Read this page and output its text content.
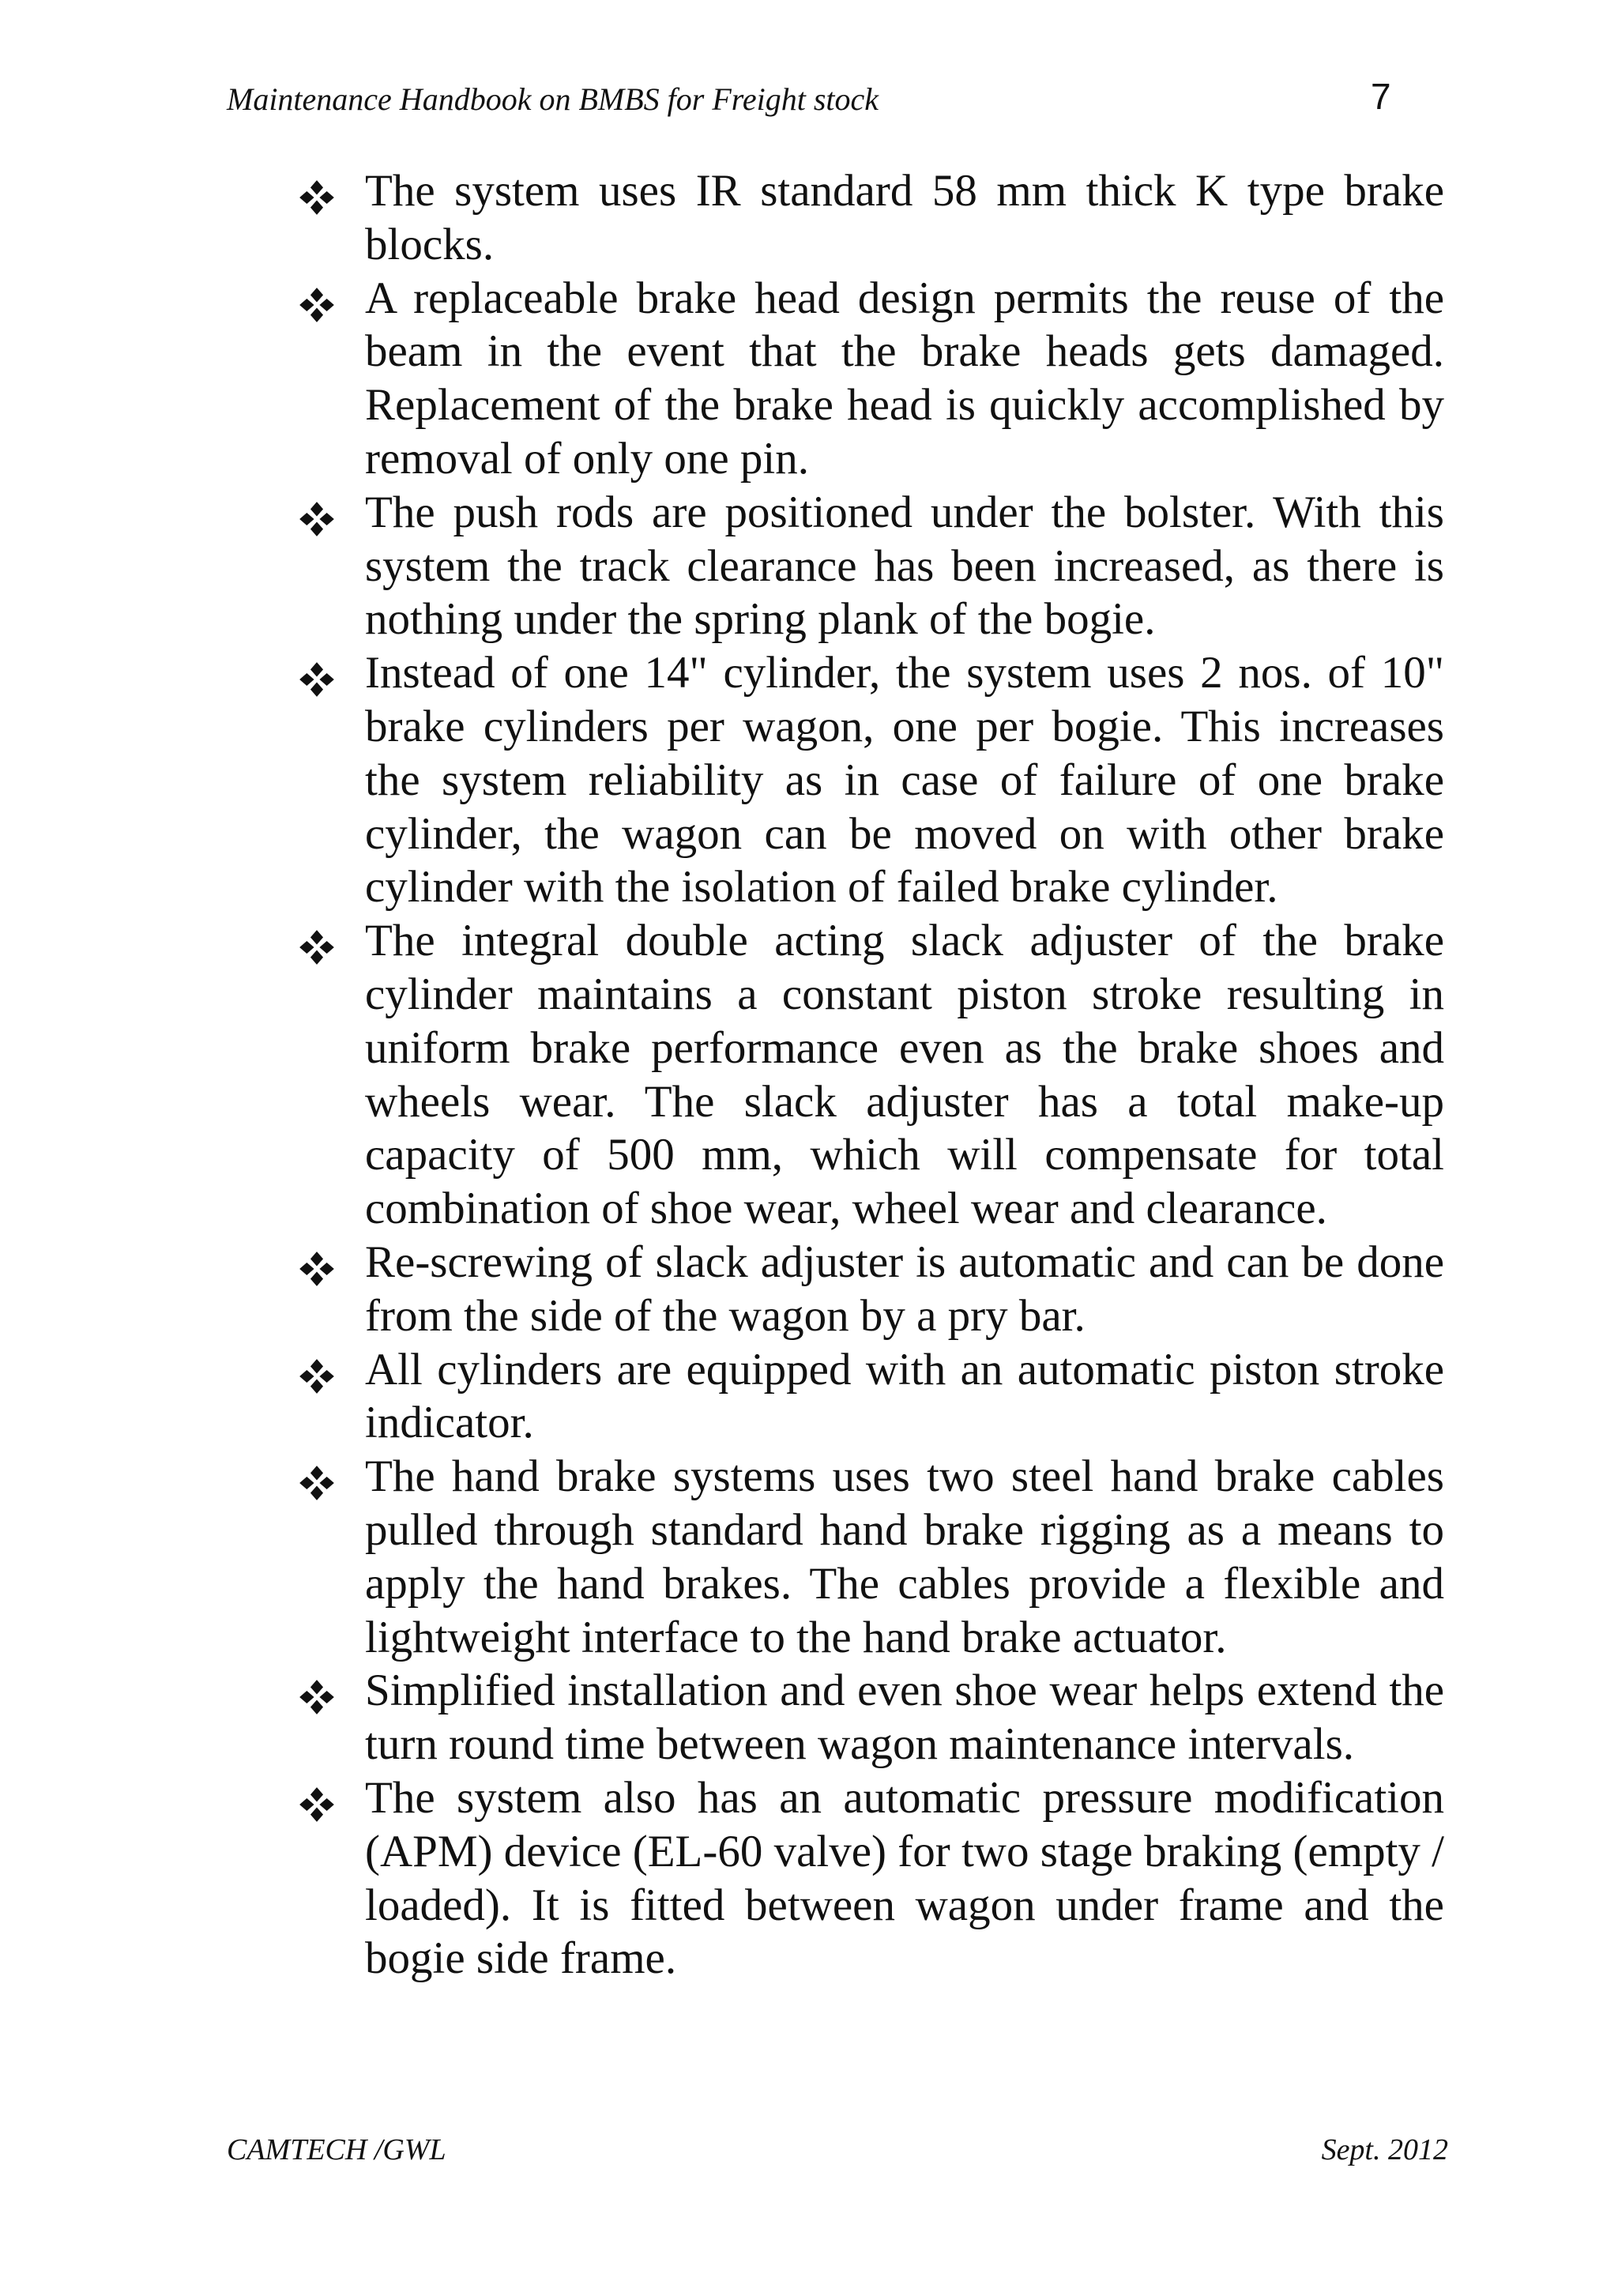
Maintenance Handbook on BMBS for Freight stock	7
The system uses IR standard 58 mm thick K type brake blocks.
A replaceable brake head design permits the reuse of the beam in the event that the brake heads gets damaged. Replacement of the brake head is quickly accomplished by removal of only one pin.
The push rods are positioned under the bolster. With this system the track clearance has been increased, as there is nothing under the spring plank of the bogie.
Instead of one 14" cylinder, the system uses 2 nos. of 10" brake cylinders per wagon, one per bogie. This increases the system reliability as in case of failure of one brake cylinder, the wagon can be moved on with other brake cylinder with the isolation of failed brake cylinder.
The integral double acting slack adjuster of the brake cylinder maintains a constant piston stroke resulting in uniform brake performance even as the brake shoes and wheels wear. The slack adjuster has a total make-up capacity of 500 mm, which will compensate for total combination of shoe wear, wheel wear and clearance.
Re-screwing of slack adjuster is automatic and can be done from the side of the wagon by a pry bar.
All cylinders are equipped with an automatic piston stroke indicator.
The hand brake systems uses two steel hand brake cables pulled through standard hand brake rigging as a means to apply the hand brakes. The cables provide a flexible and lightweight interface to the hand brake actuator.
Simplified installation and even shoe wear helps extend the turn round time between wagon maintenance intervals.
The system also has an automatic pressure modification (APM) device (EL-60 valve) for two stage braking (empty / loaded). It is fitted between wagon under frame and the bogie side frame.
CAMTECH /GWL	Sept. 2012
